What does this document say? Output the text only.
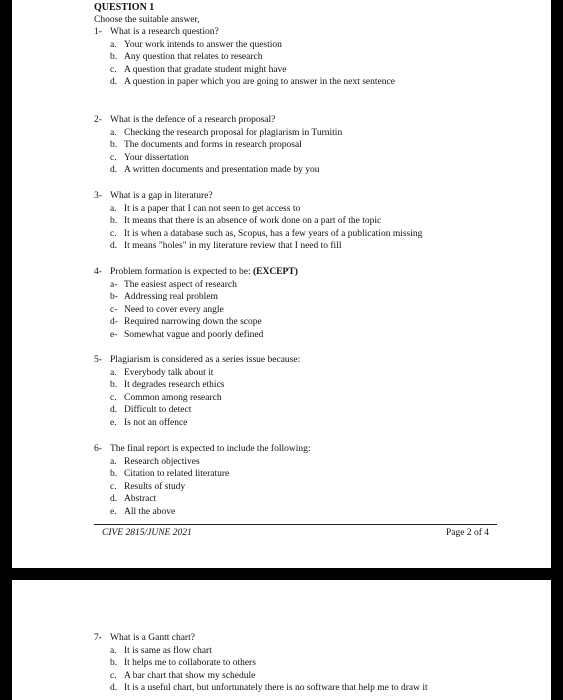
QUESTION 1
Choose the suitable answer,
1- What is a research question?
a. Your work intends to answer the question
b. Any question that relates to research
c. A question that gradate student might have
d. A question in paper which you are going to answer in the next sentence
2- What is the defence of a research proposal?
a. Checking the research proposal for plagiarism in Turnitin
b. The documents and forms in research proposal
c. Your dissertation
d. A written documents and presentation made by you
3- What is a gap in literature?
a. It is a paper that I can not seen to get access to
b. It means that there is an absence of work done on a part of the topic
c. It is when a database such as, Scopus, has a few years of a publication missing
d. It means "holes" in my literature review that I need to fill
4- Problem formation is expected to be: (EXCEPT)
a- The easiest aspect of research
b- Addressing real problem
c- Need to cover every angle
d- Required narrowing down the scope
e- Somewhat vague and poorly defined
5- Plagiarism is considered as a series issue because:
a. Everybody talk about it
b. It degrades research ethics
c. Common among research
d. Difficult to detect
e. Is not an offence
6- The final report is expected to include the following:
a. Research objectives
b. Citation to related literature
c. Results of study
d. Abstract
e. All the above
CIVE 2815/JUNE 2021	Page 2 of 4
7- What is a Gantt chart?
a. It is same as flow chart
b. It helps me to collaborate to others
c. A bar chart that show my schedule
d. It is a useful chart, but unfortunately there is no software that help me to draw it
